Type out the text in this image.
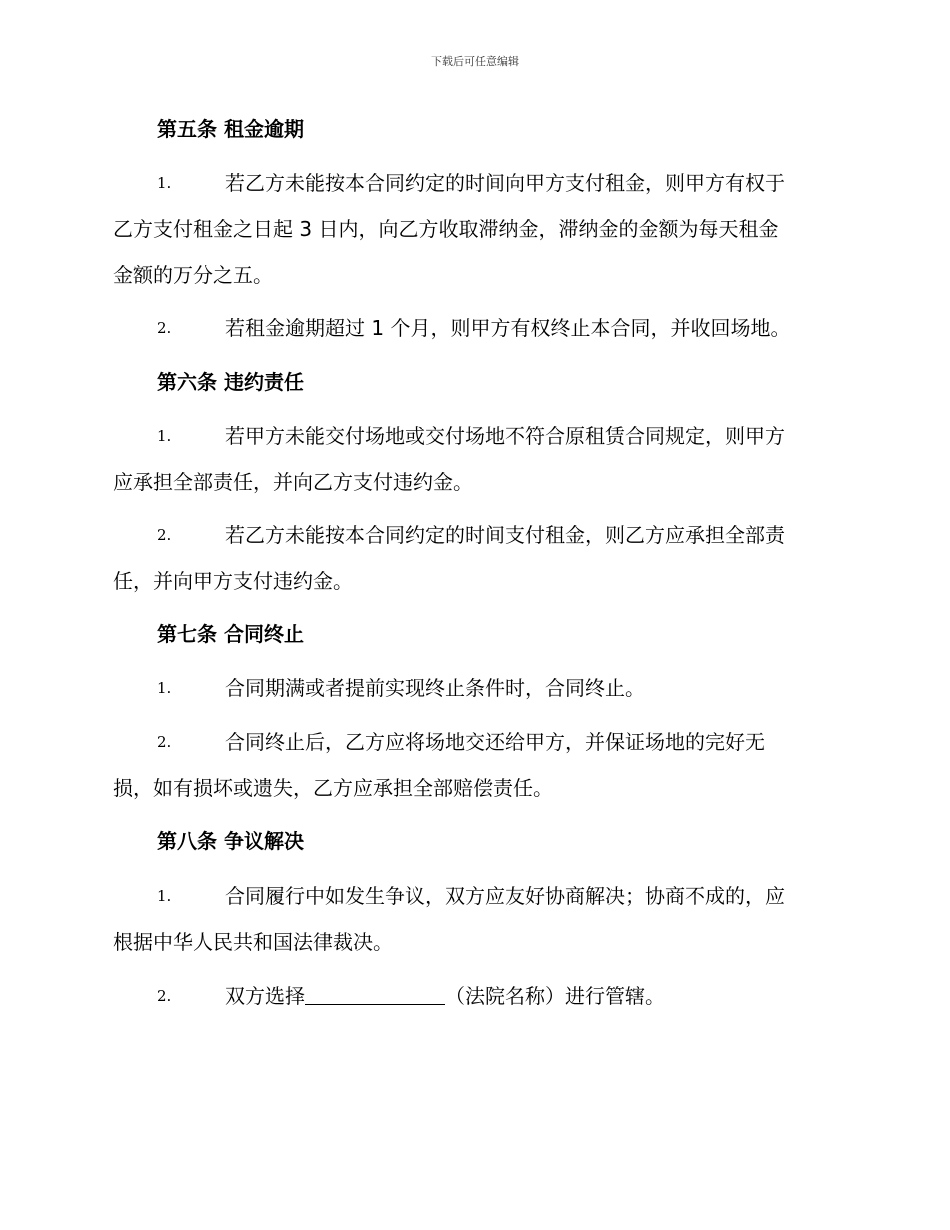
下载后可任意编辑
第五条 租金逾期
1.	若乙方未能按本合同约定的时间向甲方支付租金，则甲方有权于
乙方支付租金之日起 3 日内，向乙方收取滞纳金，滞纳金的金额为每天租金
金额的万分之五。
2.	若租金逾期超过 1 个月，则甲方有权终止本合同，并收回场地。
第六条 违约责任
1.	若甲方未能交付场地或交付场地不符合原租赁合同规定，则甲方
应承担全部责任，并向乙方支付违约金。
2.	若乙方未能按本合同约定的时间支付租金，则乙方应承担全部责
任，并向甲方支付违约金。
第七条 合同终止
1.	合同期满或者提前实现终止条件时，合同终止。
2.	合同终止后，乙方应将场地交还给甲方，并保证场地的完好无
损，如有损坏或遗失，乙方应承担全部赔偿责任。
第八条 争议解决
1.	合同履行中如发生争议，双方应友好协商解决；协商不成的，应
根据中华人民共和国法律裁决。
2.	双方选择	（法院名称）进行管辖。
